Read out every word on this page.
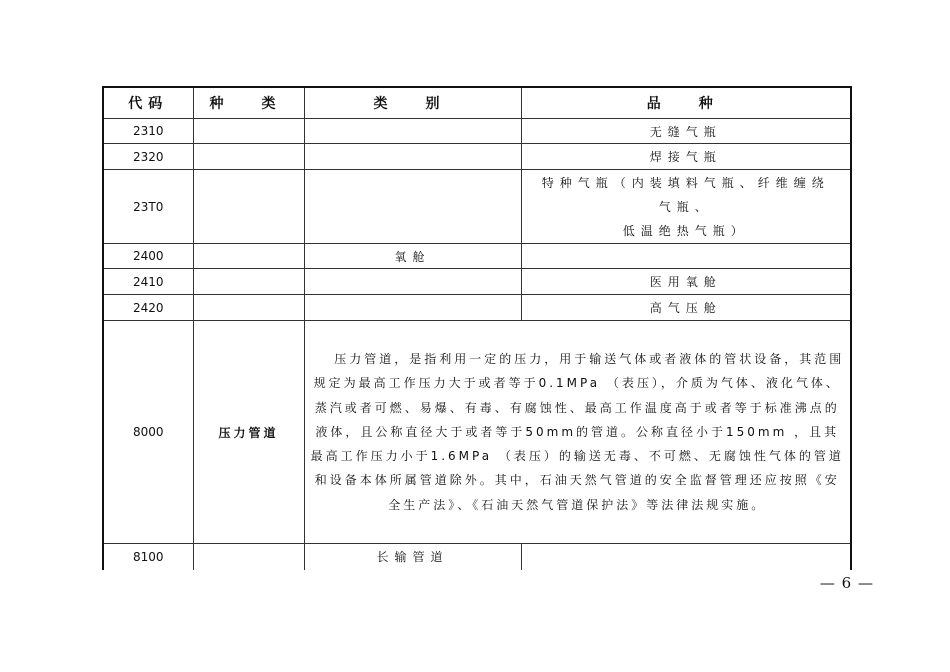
代码	种　类	类　别	品　种
2310			无缝气瓶
2320			焊接气瓶
23T0			特种气瓶（内装填料气瓶、纤维缠绕
气瓶、
低温绝热气瓶）

2400		氧舱	
2410			医用氧舱
2420			高气压舱
8000	压力管道	压力管道，是指利用一定的压力，用于输送气体或者液体的管状设备，其范围规定为最高工作压力大于或者等于0.1MPa （表压），介质为气体、液化气体、蒸汽或者可燃、易爆、有毒、有腐蚀性、最高工作温度高于或者等于标准沸点的液体，且公称直径大于或者等于50mm的管道。公称直径小于150mm ，且其最高工作压力小于1.6MPa （表压）的输送无毒、不可燃、无腐蚀性气体的管道和设备本体所属管道除外。其中，石油天然气管道的安全监督管理还应按照《安全生产法》、《石油天然气管道保护法》等法律法规实施。	
8100		长输管道	
— 6 —
